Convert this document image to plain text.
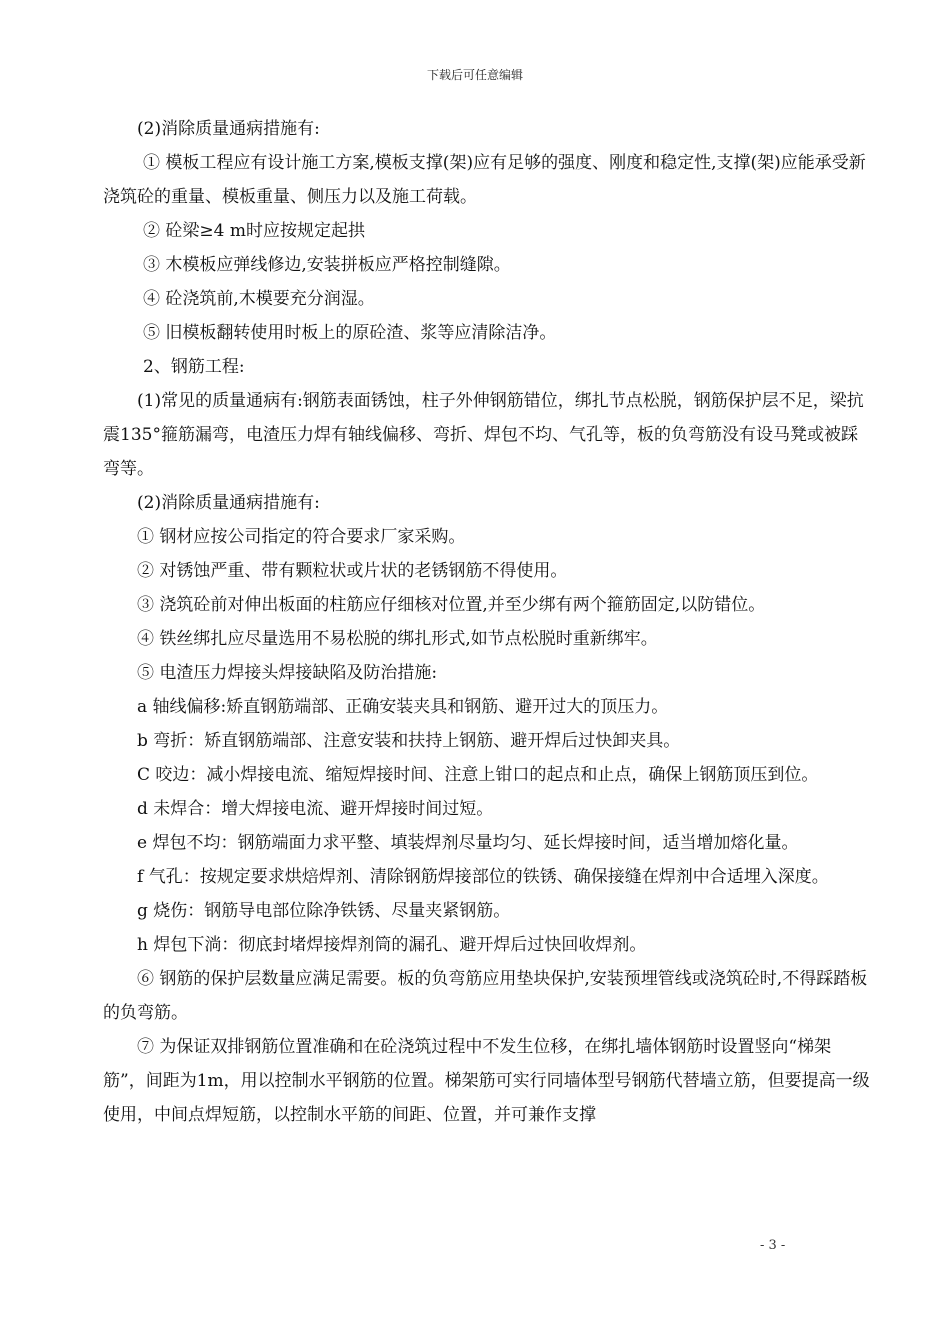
下载后可任意编辑

(2)消除质量通病措施有:

① 模板工程应有设计施工方案,模板支撑(架)应有足够的强度、刚度和稳定性,支撑(架)应能承受新浇筑砼的重量、模板重量、侧压力以及施工荷载。

② 砼梁≥4 m时应按规定起拱

③ 木模板应弹线修边,安装拼板应严格控制缝隙。

④ 砼浇筑前,木模要充分润湿。

⑤ 旧模板翻转使用时板上的原砼渣、浆等应清除洁净。

2、钢筋工程:

(1)常见的质量通病有:钢筋表面锈蚀，柱子外伸钢筋错位，绑扎节点松脱，钢筋保护层不足，梁抗震135°箍筋漏弯，电渣压力焊有轴线偏移、弯折、焊包不均、气孔等，板的负弯筋没有设马凳或被踩弯等。

(2)消除质量通病措施有:

① 钢材应按公司指定的符合要求厂家采购。

② 对锈蚀严重、带有颗粒状或片状的老锈钢筋不得使用。

③ 浇筑砼前对伸出板面的柱筋应仔细核对位置,并至少绑有两个箍筋固定,以防错位。

④ 铁丝绑扎应尽量选用不易松脱的绑扎形式,如节点松脱时重新绑牢。

⑤ 电渣压力焊接头焊接缺陷及防治措施:

a 轴线偏移:矫直钢筋端部、正确安装夹具和钢筋、避开过大的顶压力。

b 弯折：矫直钢筋端部、注意安装和扶持上钢筋、避开焊后过快卸夹具。

C 咬边：减小焊接电流、缩短焊接时间、注意上钳口的起点和止点，确保上钢筋顶压到位。

d 未焊合：增大焊接电流、避开焊接时间过短。

e 焊包不均：钢筋端面力求平整、填装焊剂尽量均匀、延长焊接时间，适当增加熔化量。

f 气孔：按规定要求烘焙焊剂、清除钢筋焊接部位的铁锈、确保接缝在焊剂中合适埋入深度。

g 烧伤：钢筋导电部位除净铁锈、尽量夹紧钢筋。

h 焊包下淌：彻底封堵焊接焊剂筒的漏孔、避开焊后过快回收焊剂。

⑥ 钢筋的保护层数量应满足需要。板的负弯筋应用垫块保护,安装预埋管线或浇筑砼时,不得踩踏板的负弯筋。

⑦ 为保证双排钢筋位置准确和在砼浇筑过程中不发生位移，在绑扎墙体钢筋时设置竖向“梯架筋”，间距为1m，用以控制水平钢筋的位置。梯架筋可实行同墙体型号钢筋代替墙立筋，但要提高一级使用，中间点焊短筋，以控制水平筋的间距、位置，并可兼作支撑

- 3 -
